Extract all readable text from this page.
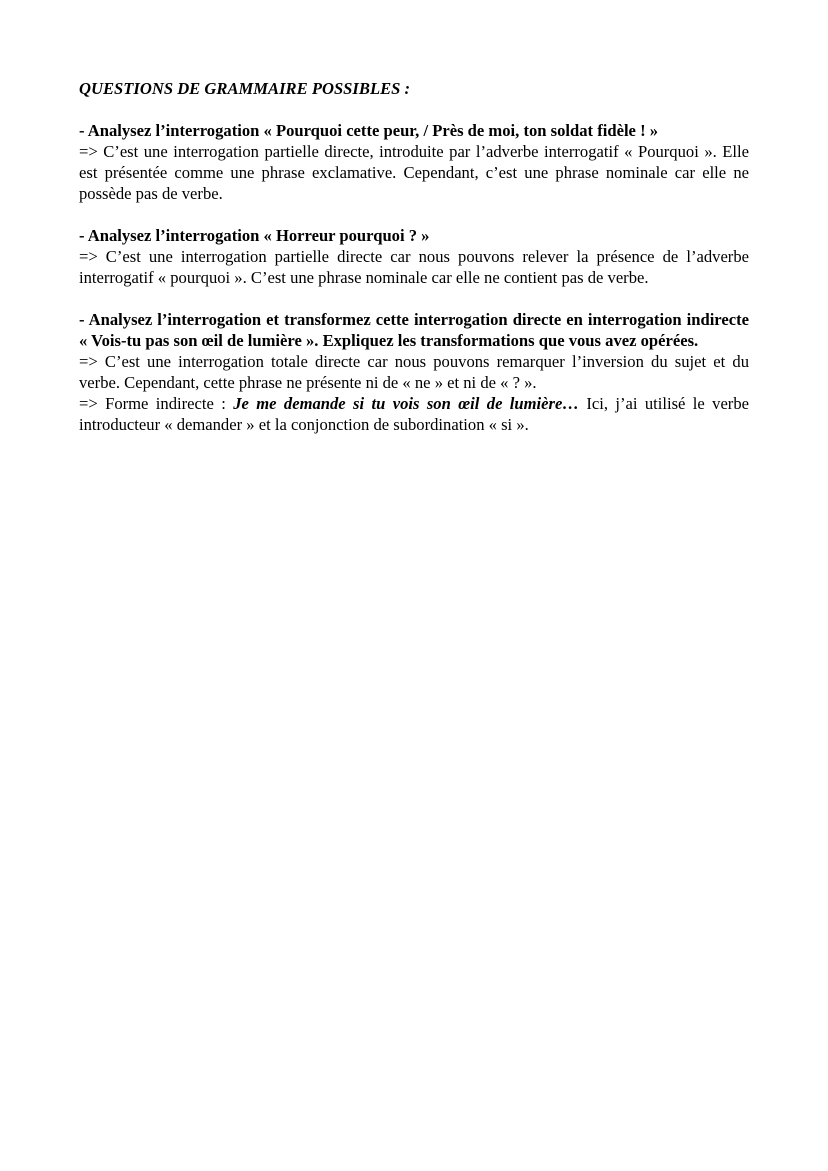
QUESTIONS DE GRAMMAIRE POSSIBLES :
- Analysez l’interrogation « Pourquoi cette peur, / Près de moi, ton soldat fidèle ! »
=> C’est une interrogation partielle directe, introduite par l’adverbe interrogatif « Pourquoi ». Elle est présentée comme une phrase exclamative. Cependant, c’est une phrase nominale car elle ne possède pas de verbe.
- Analysez l’interrogation « Horreur pourquoi ? »
=> C’est une interrogation partielle directe car nous pouvons relever la présence de l’adverbe interrogatif « pourquoi ». C’est une phrase nominale car elle ne contient pas de verbe.
- Analysez l’interrogation et transformez cette interrogation directe en interrogation indirecte « Vois-tu pas son œil de lumière ». Expliquez les transformations que vous avez opérées.
=> C’est une interrogation totale directe car nous pouvons remarquer l’inversion du sujet et du verbe. Cependant, cette phrase ne présente ni de « ne » et ni de « ? ».
=> Forme indirecte : Je me demande si tu vois son œil de lumière… Ici, j’ai utilisé le verbe introducteur « demander » et la conjonction de subordination « si ».
